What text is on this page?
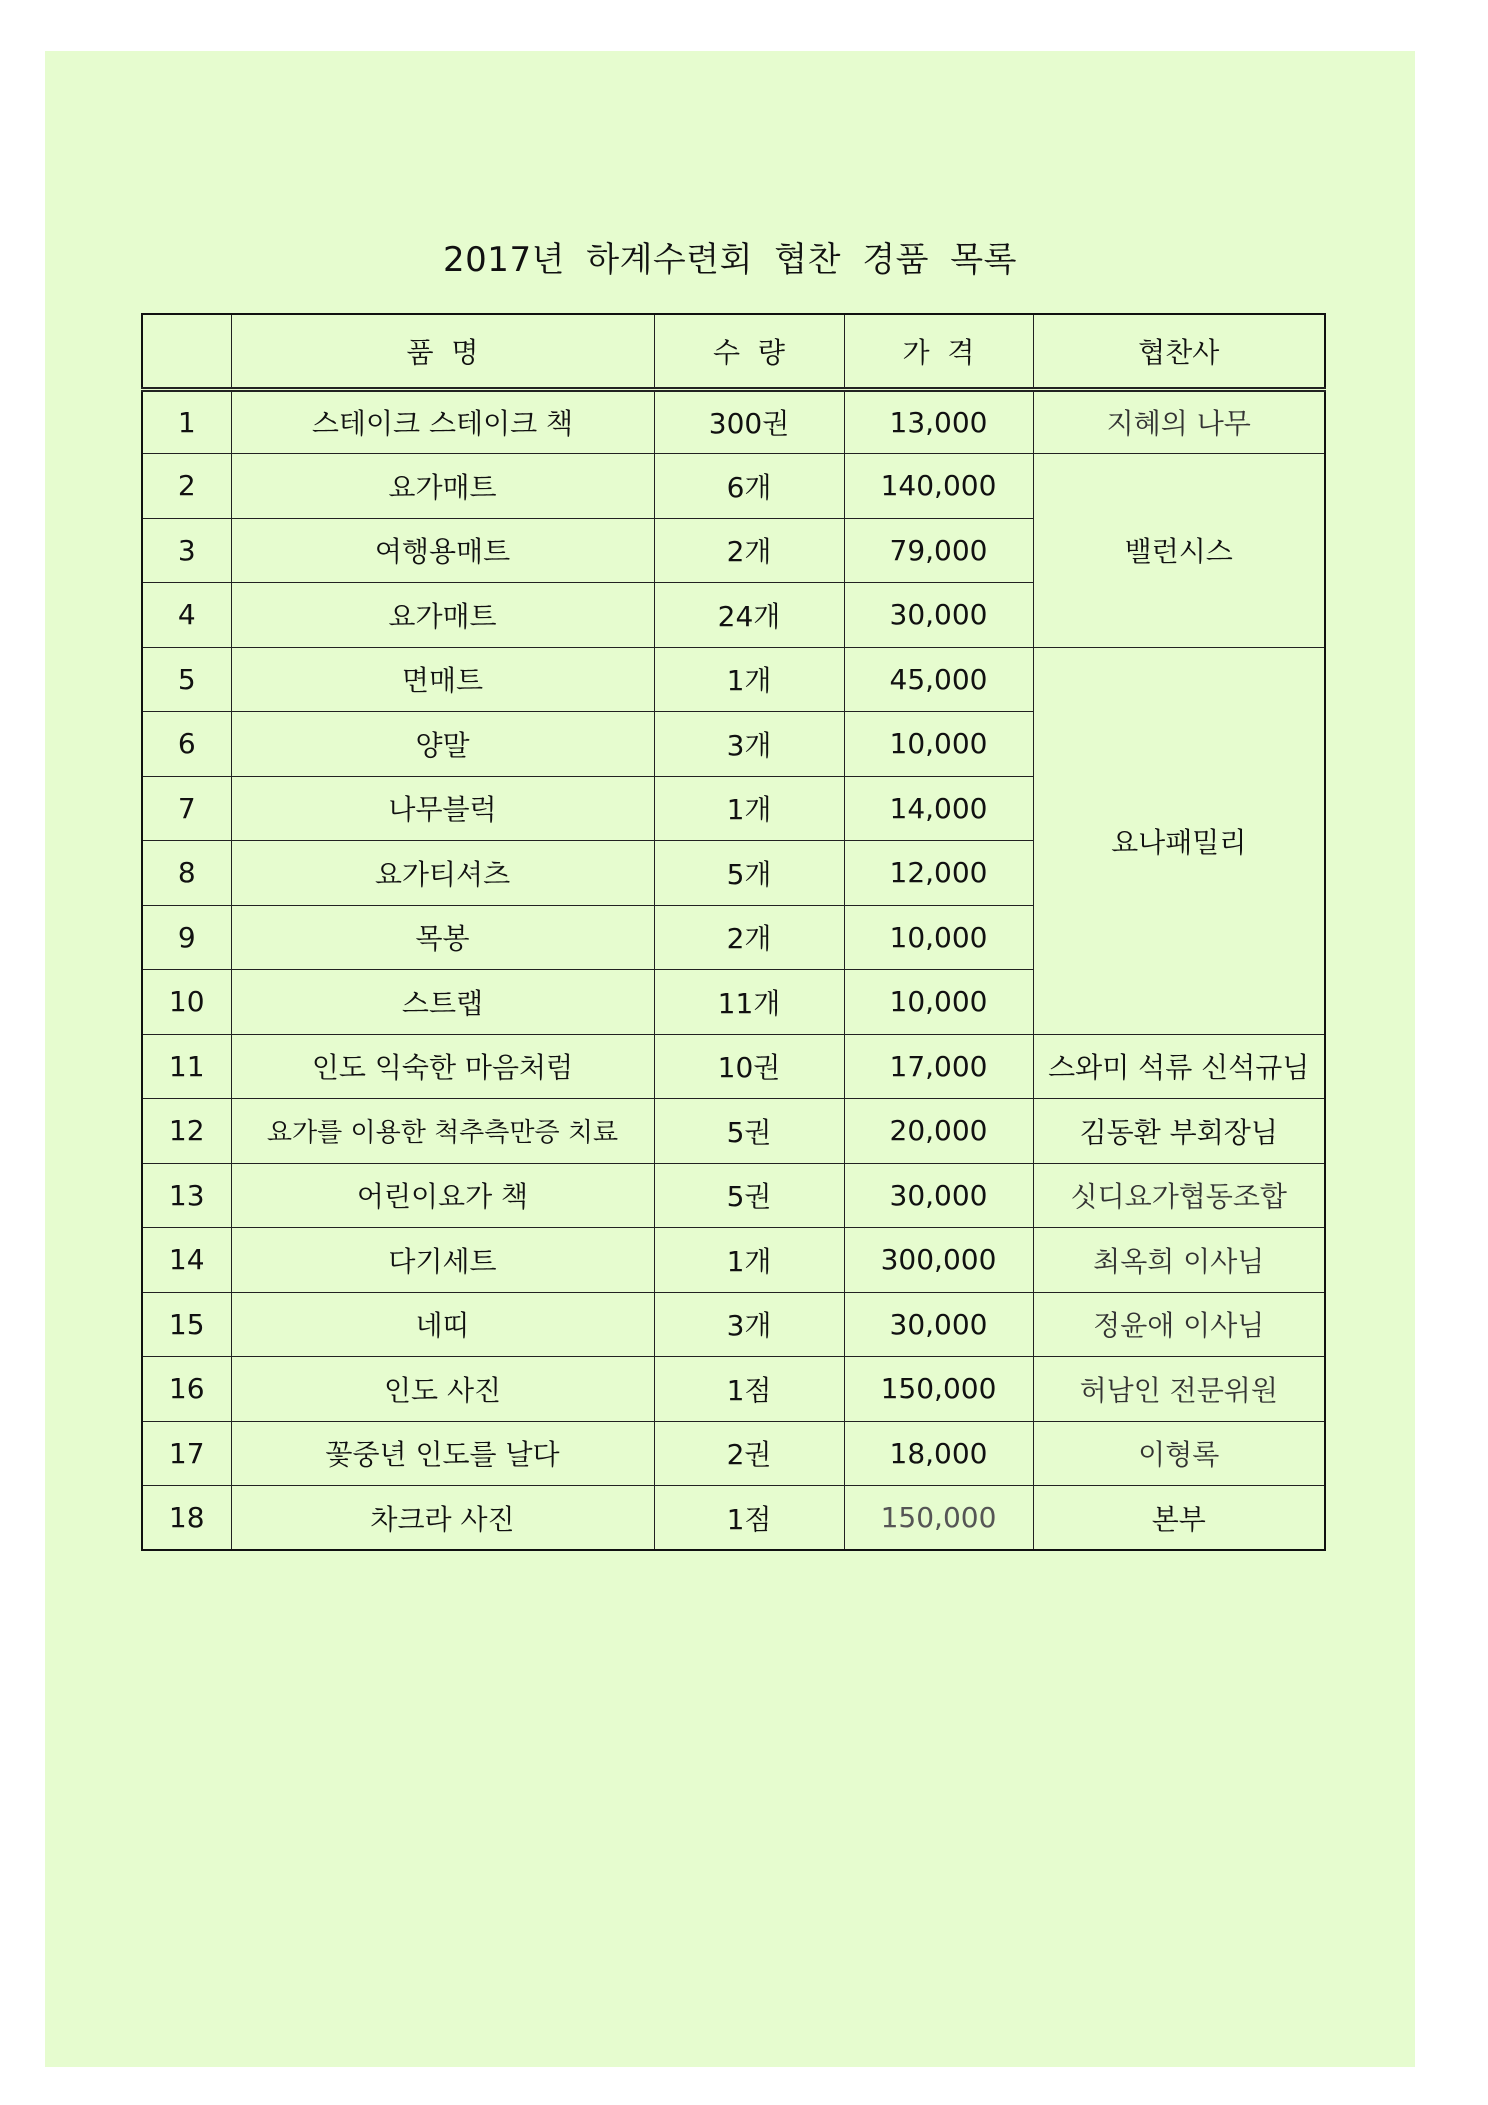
2017년 하계수련회 협찬 경품 목록
	품  명	수  량	가  격	협찬사
1	스테이크 스테이크 책	300권	13,000	지혜의 나무
2	요가매트	6개	140,000	밸런시스
3	여행용매트	2개	79,000	
4	요가매트	24개	30,000	
5	면매트	1개	45,000	요나패밀리
6	양말	3개	10,000	
7	나무블럭	1개	14,000	
8	요가티셔츠	5개	12,000	
9	목봉	2개	10,000	
10	스트랩	11개	10,000	
11	인도 익숙한 마음처럼	10권	17,000	스와미 석류 신석규님
12	요가를 이용한 척추측만증 치료	5권	20,000	김동환 부회장님
13	어린이요가 책	5권	30,000	싯디요가협동조합
14	다기세트	1개	300,000	최옥희 이사님
15	네띠	3개	30,000	정윤애 이사님
16	인도 사진	1점	150,000	허남인 전문위원
17	꽃중년 인도를 날다	2권	18,000	이형록
18	차크라 사진	1점	150,000	본부
